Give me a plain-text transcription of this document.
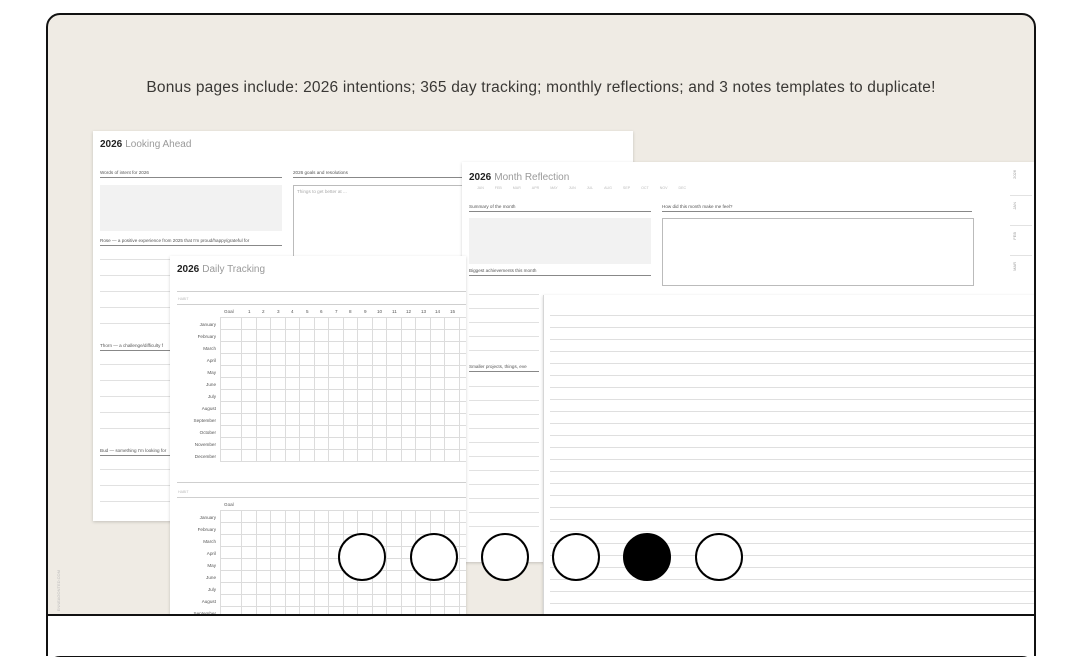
Bonus pages include: 2026 intentions; 365 day tracking; monthly reflections; and 3 notes templates to duplicate!
2026 Looking Ahead
Words of intent for 2026	2026 goals and resolutions
Things to get better at ...
Rose — a positive experience from 2025 that I'm proud/happy/grateful for
Thorn — a challenge/difficulty f
Bud — something I'm looking for
2026 Month Reflection
JAN	FEB	MAR	APR	MAY	JUN	JUL	AUG	SEP	OCT	NOV	DEC
Summary of the month	How did this month make me feel?
Biggest achievements this month
Smaller projects, things, eve
2026
JAN
FEB
MAR
2026 Daily Tracking
HABIT
Goal	1 2	3 4	5 6	7 8	9 10 11 12 13 14 15
January
February
March
April
May
June
July
August
September
October
November
December
HABIT
Goal
January
February
March
April
May
June
July
August
ENNEAGONTED.COM
